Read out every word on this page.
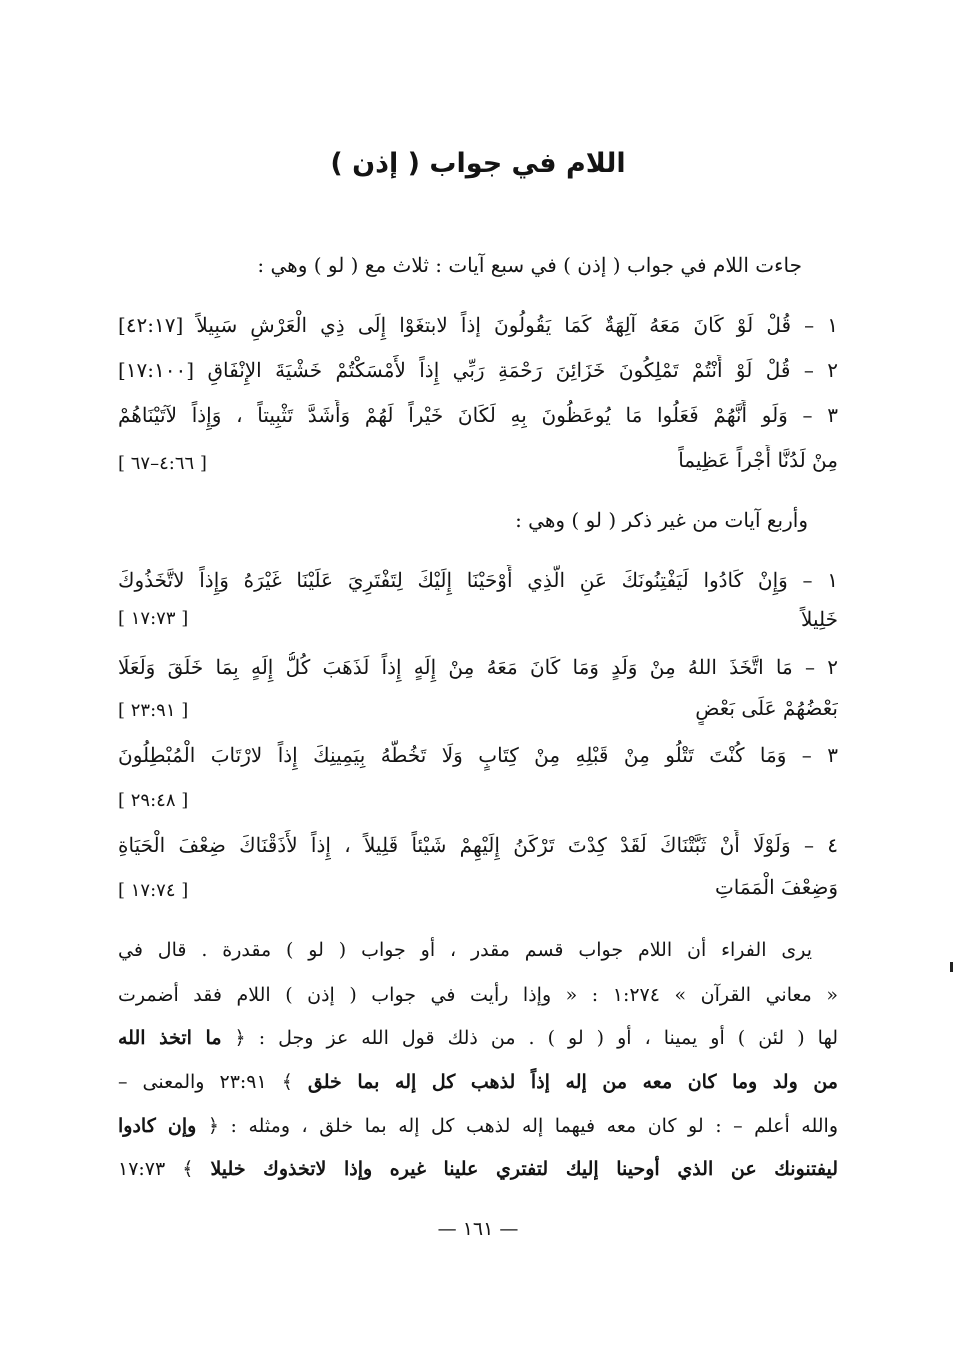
اللام في جواب ( إذن )
جاءت اللام في جواب ( إذن ) في سبع آيات : ثلاث مع ( لو ) وهي :
١ – قُلْ لَوْ كَانَ مَعَهُ آلِهَةٌ كَمَا يَقُولُونَ إذاً لابتغَوْا إِلَى ذِي الْعَرْشِ سَبِيلاً [٤٢:١٧]
٢ – قُلْ لَوْ أَنْتُمْ تَمْلِكُونَ خَزَائِنَ رَحْمَةِ رَبِّي إِذاً لأَمْسَكْتُمْ خَشْيَةَ الإِنْفَاقِ [١٧:١٠٠]
٣ – وَلَو أَنَّهُمْ فَعَلُوا مَا يُوعَظُونَ بِهِ لَكَانَ خَيْراً لَهُمْ وَأَشَدَّ تَثْبِيتاً ، وَإِذاً لآتَيْنَاهُمْ
مِنْ لَدُنَّا أَجْراً عَظِيماً
[ ٤:٦٦–٦٧ ]
وأربع آيات من غير ذكر ( لو ) وهي :
١ – وَإِنْ كَادُوا لَيَفْتِنُونَكَ عَنِ الَّذِي أَوْحَيْنَا إِلَيْكَ لِتَفْتَرِيَ عَلَيْنَا غَيْرَهُ وَإِذاً لاتَّخَذُوكَ
خَلِيلاً
[ ١٧:٧٣ ]
٢ – مَا اتَّخَذَ اللهُ مِنْ وَلَدٍ وَمَا كَانَ مَعَهُ مِنْ إِلَهٍ إِذاً لَذَهَبَ كُلُّ إِلَهٍ بِمَا خَلَقَ وَلَعَلَا
بَعْضُهُمْ عَلَى بَعْضٍ
[ ٢٣:٩١ ]
٣ – وَمَا كُنْتَ تَتْلُو مِنْ قَبْلِهِ مِنْ كِتَابٍ وَلَا تَخُطُّهُ بِيَمِينِكَ إِذاً لارْتَابَ الْمُبْطِلُونَ
[ ٢٩:٤٨ ]
٤ – وَلَوْلَا أَنْ ثَبَّتْنَاكَ لَقَدْ كِدْتَ تَرْكَنُ إِلَيْهِمْ شَيْئاً قَلِيلاً ، إِذاً لأَذَقْنَاكَ ضِعْفَ الْحَيَاةِ
وَضِعْفَ الْمَمَاتِ
[ ١٧:٧٤ ]
يرى الفراء أن اللام جواب قسم مقدر ، أو جواب ( لو ) مقدرة . قال في
« معاني القرآن » ١:٢٧٤ : « وإذا رأيت في جواب ( إذن ) اللام فقد أضمرت
لها ( لئن ) أو يمينا ، أو ( لو ) . من ذلك قول الله عز وجل : ﴿ ما اتخذ الله
من ولد وما كان معه من إله إذاً لذهب كل إله بما خلق ﴾ ٢٣:٩١ والمعنى –
والله أعلم – : لو كان معه فيهما إله لذهب كل إله بما خلق ، ومثله : ﴿ وإن كادوا
ليفتنونك عن الذي أوحينا إليك لتفتري علينا غيره وإذا لاتخذوك خليلا ﴾ ١٧:٧٣
— ١٦١ —
